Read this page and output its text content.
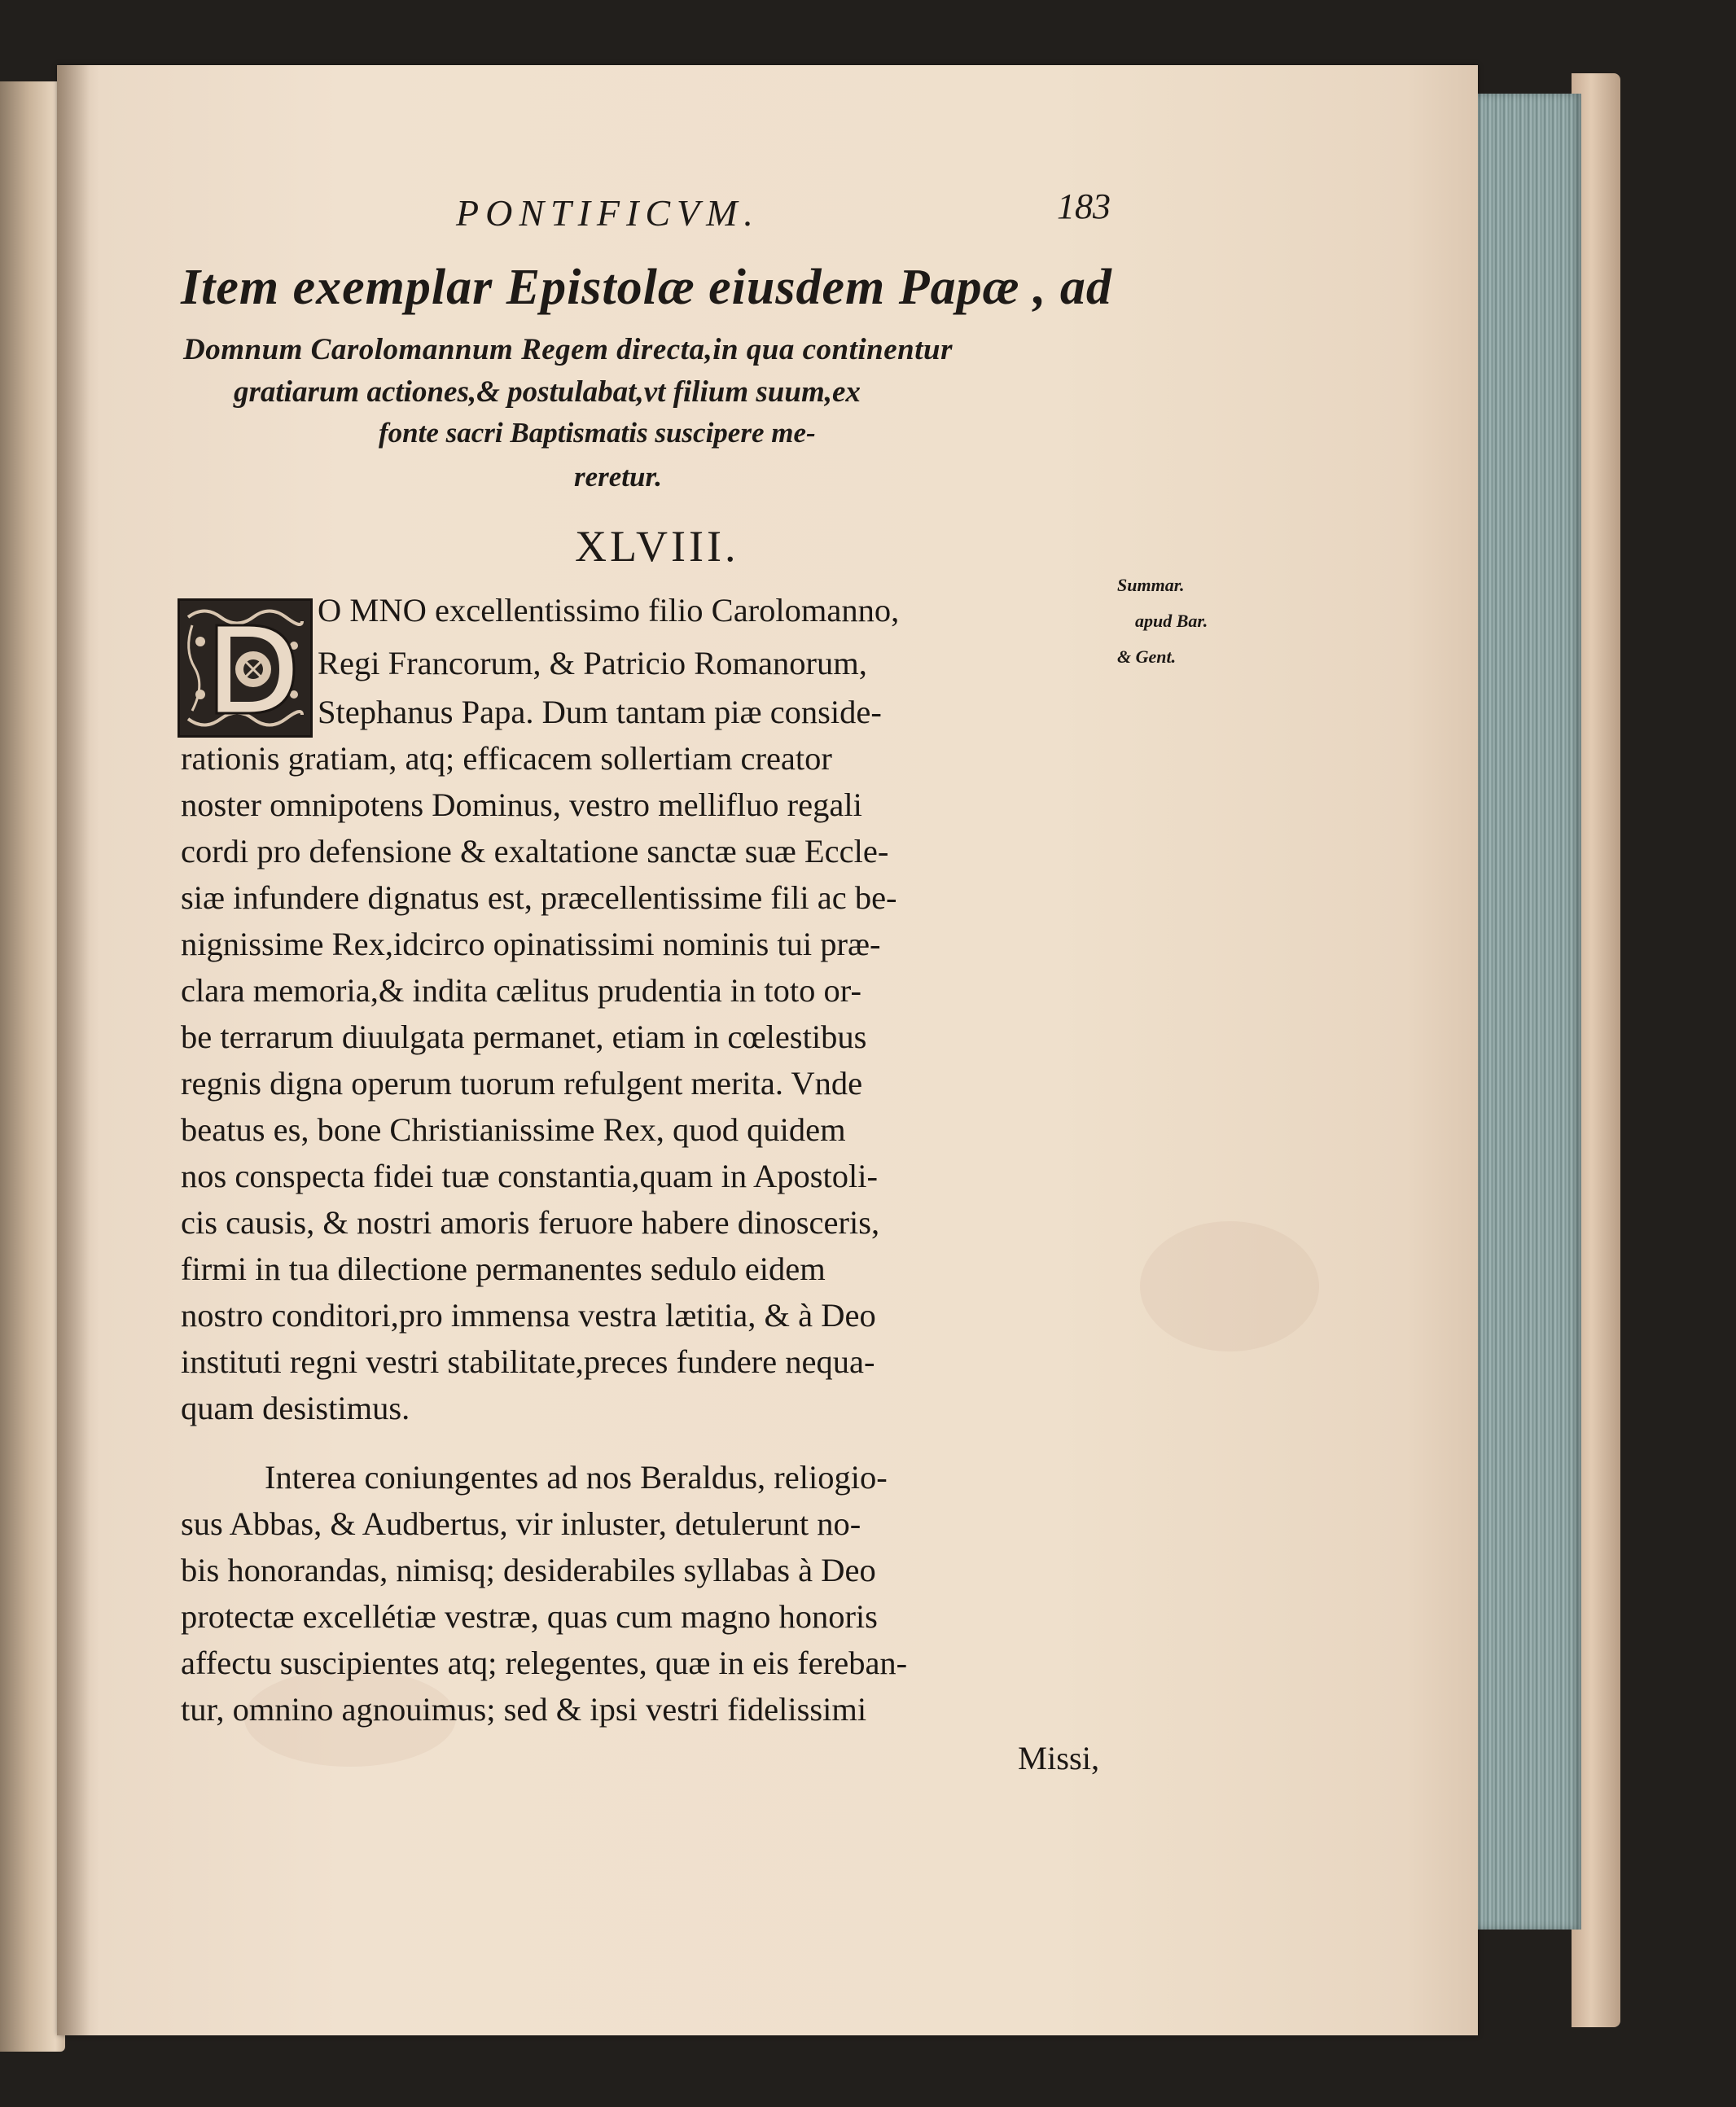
PONTIFICVM.	183
Item exemplar Epistolæ eiusdem Papæ , ad
Domnum Carolomannum Regem directa,in qua continentur
gratiarum actiones,& postulabat,vt filium suum,ex
fonte sacri Baptismatis suscipere me-
reretur.
XLVIII.
Summar.
apud Bar.
& Gent.
O MNO excellentissimo filio Carolomanno,
Regi Francorum, & Patricio Romanorum,
Stephanus Papa. Dum tantam piæ conside-
rationis gratiam, atq; efficacem sollertiam creator
noster omnipotens Dominus, vestro mellifluo regali
cordi pro defensione & exaltatione sanctæ suæ Eccle-
siæ infundere dignatus est, præcellentissime fili ac be-
nignissime Rex,idcirco opinatissimi nominis tui præ-
clara memoria,& indita cælitus prudentia in toto or-
be terrarum diuulgata permanet, etiam in cœlestibus
regnis digna operum tuorum refulgent merita. Vnde
beatus es, bone Christianissime Rex, quod quidem
nos conspecta fidei tuæ constantia,quam in Apostoli-
cis causis, & nostri amoris feruore habere dinosceris,
firmi in tua dilectione permanentes sedulo eidem
nostro conditori,pro immensa vestra lætitia, & à Deo
instituti regni vestri stabilitate,preces fundere nequa-
quam desistimus.
Interea coniungentes ad nos Beraldus, reliogio-
sus Abbas, & Audbertus, vir inluster, detulerunt no-
bis honorandas, nimisq; desiderabiles syllabas à Deo
protectæ excellétiæ vestræ, quas cum magno honoris
affectu suscipientes atq; relegentes, quæ in eis fereban-
tur, omnino agnouimus; sed & ipsi vestri fidelissimi
Missi,
